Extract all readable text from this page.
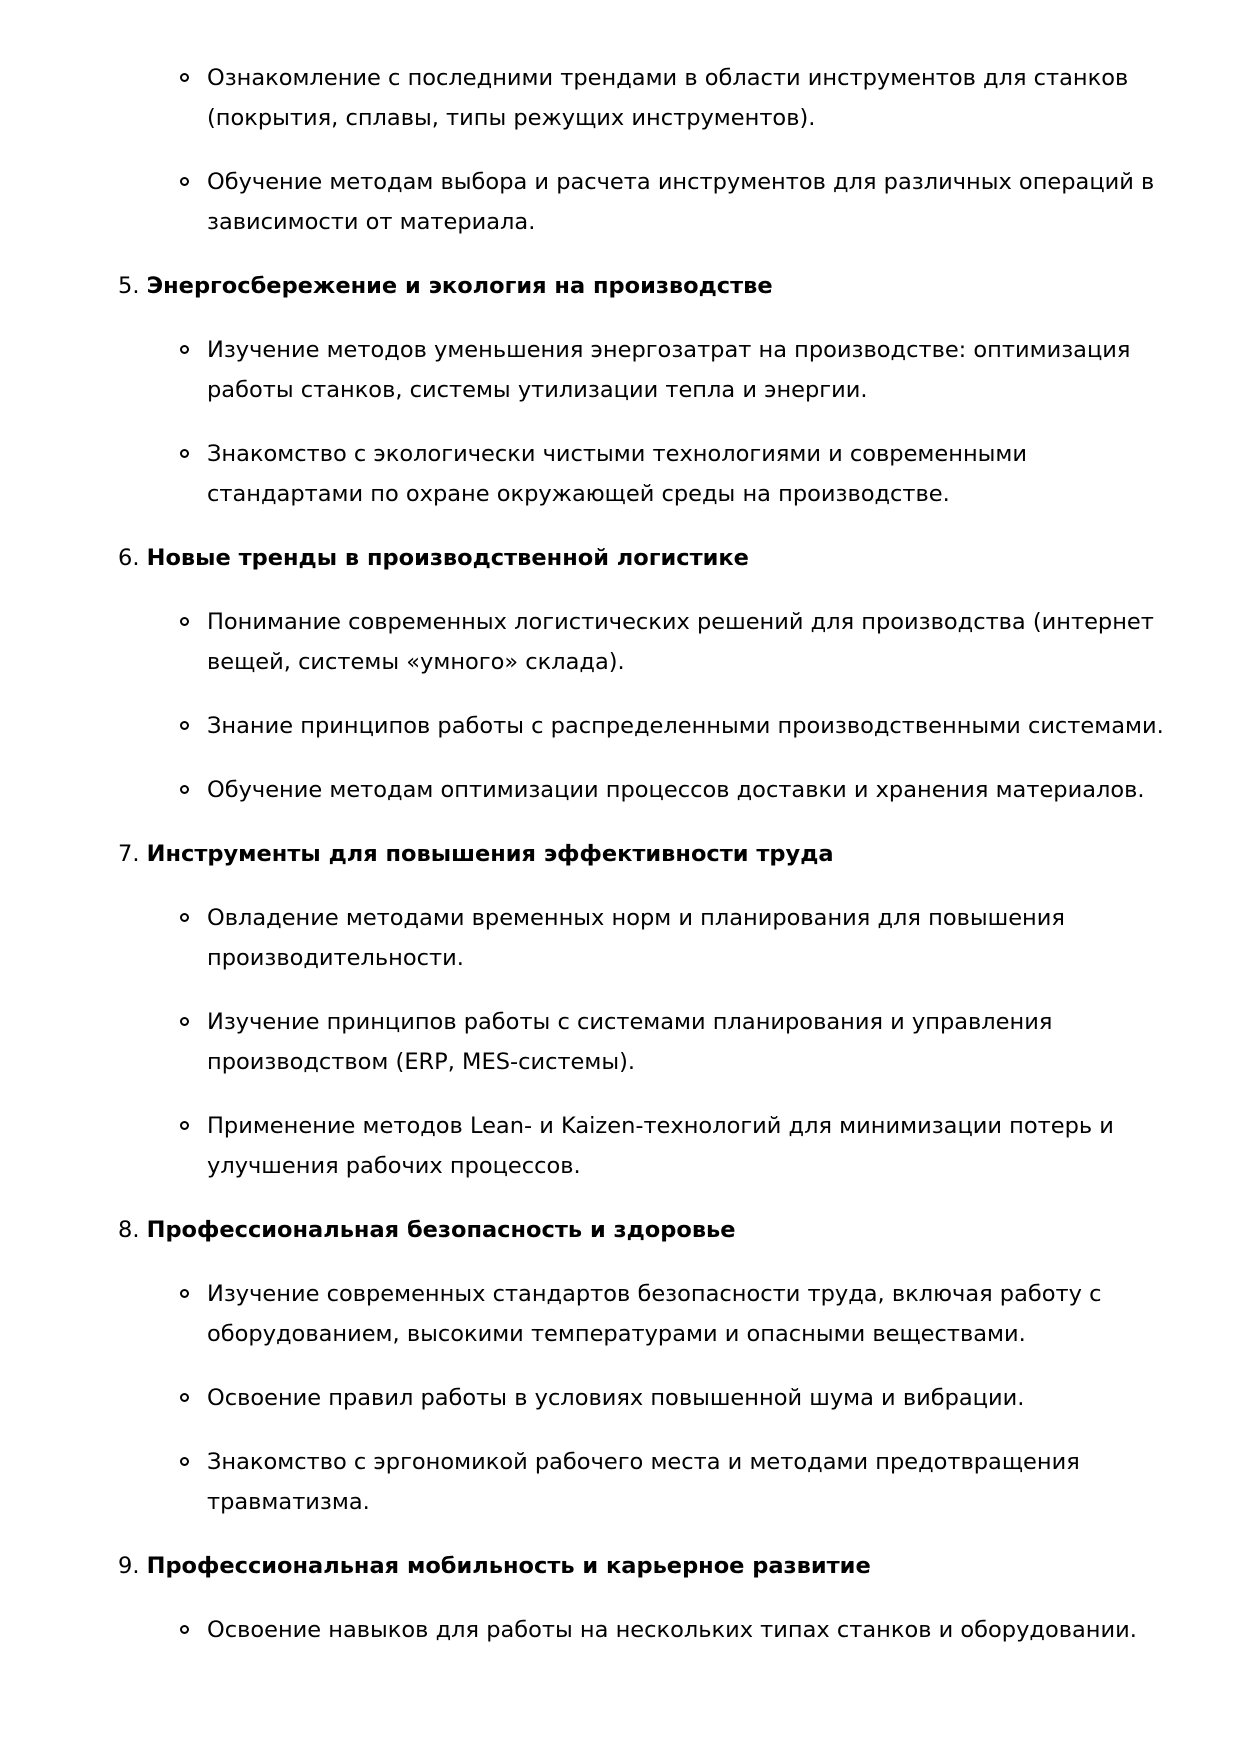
Ознакомление с последними трендами в области инструментов для станков (покрытия, сплавы, типы режущих инструментов).
Обучение методам выбора и расчета инструментов для различных операций в зависимости от материала.
5. Энергосбережение и экология на производстве
Изучение методов уменьшения энергозатрат на производстве: оптимизация работы станков, системы утилизации тепла и энергии.
Знакомство с экологически чистыми технологиями и современными стандартами по охране окружающей среды на производстве.
6. Новые тренды в производственной логистике
Понимание современных логистических решений для производства (интернет вещей, системы «умного» склада).
Знание принципов работы с распределенными производственными системами.
Обучение методам оптимизации процессов доставки и хранения материалов.
7. Инструменты для повышения эффективности труда
Овладение методами временных норм и планирования для повышения производительности.
Изучение принципов работы с системами планирования и управления производством (ERP, MES-системы).
Применение методов Lean- и Kaizen-технологий для минимизации потерь и улучшения рабочих процессов.
8. Профессиональная безопасность и здоровье
Изучение современных стандартов безопасности труда, включая работу с оборудованием, высокими температурами и опасными веществами.
Освоение правил работы в условиях повышенной шума и вибрации.
Знакомство с эргономикой рабочего места и методами предотвращения травматизма.
9. Профессиональная мобильность и карьерное развитие
Освоение навыков для работы на нескольких типах станков и оборудовании.
